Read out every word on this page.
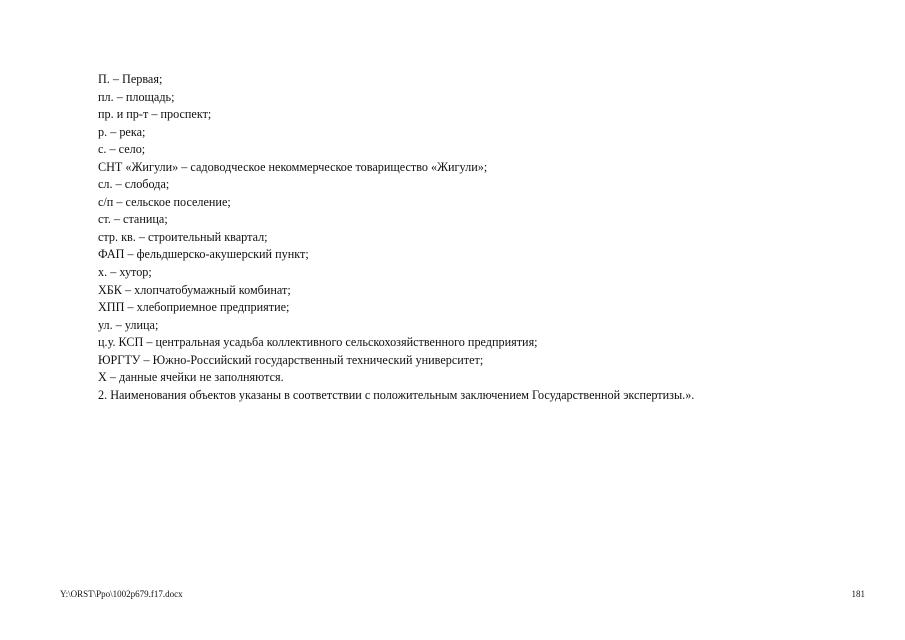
П. – Первая;
пл. – площадь;
пр. и пр-т – проспект;
р. – река;
с. – село;
СНТ «Жигули» – садоводческое некоммерческое товарищество «Жигули»;
сл. – слобода;
с/п – сельское поселение;
ст. – станица;
стр. кв. – строительный квартал;
ФАП – фельдшерско-акушерский пункт;
х. – хутор;
ХБК – хлопчатобумажный комбинат;
ХПП – хлебоприемное предприятие;
ул. – улица;
ц.у. КСП – центральная усадьба коллективного сельскохозяйственного предприятия;
ЮРГТУ – Южно-Российский государственный технический университет;
Х – данные ячейки не заполняются.
2. Наименования объектов указаны в соответствии с положительным заключением Государственной экспертизы.».
Y:\ORST\Ppo\1002p679.f17.docx	181
